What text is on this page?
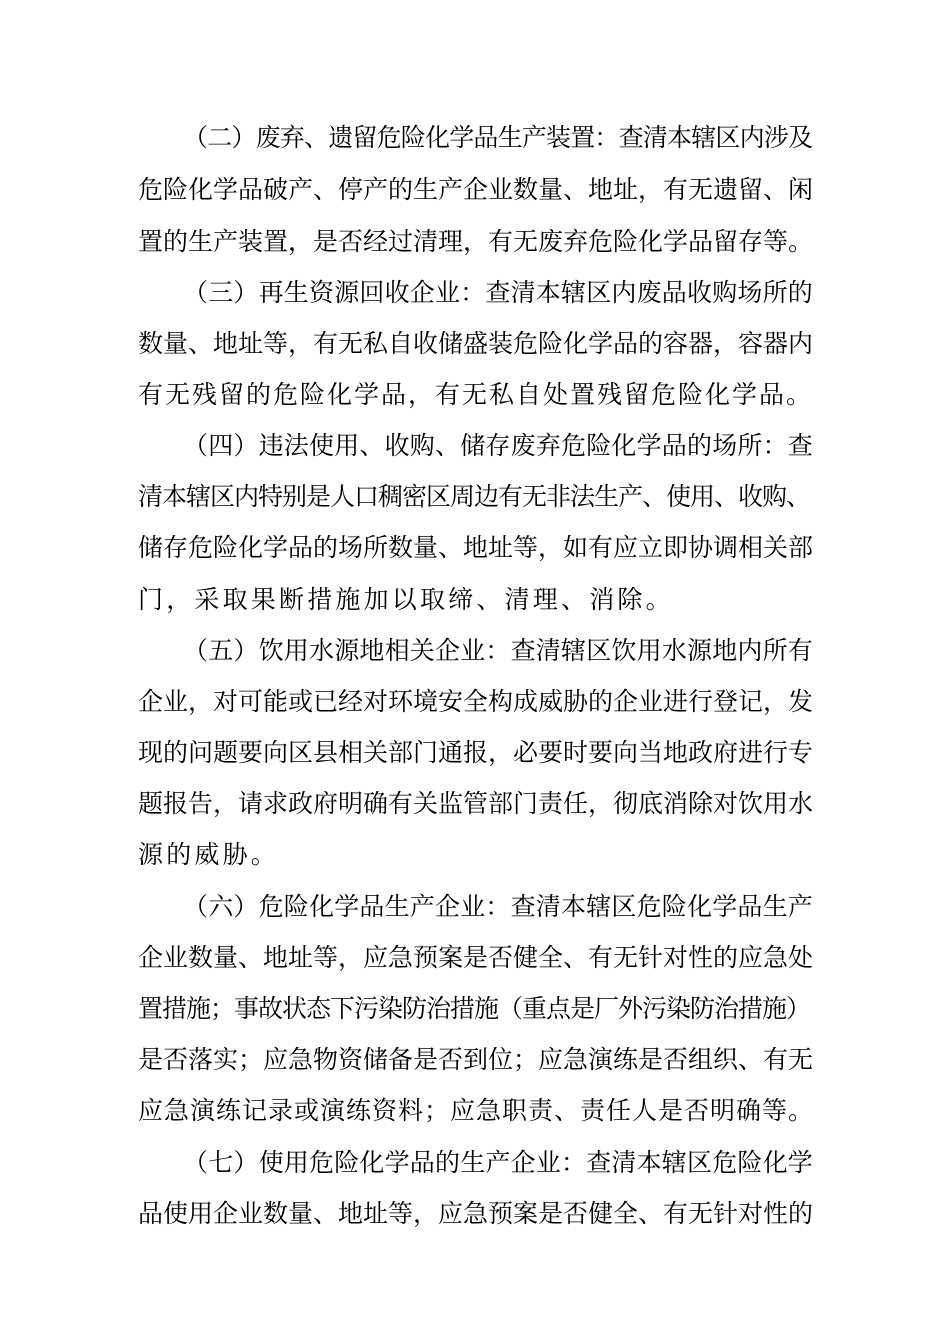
（二）废弃、遗留危险化学品生产装置：查清本辖区内涉及
危险化学品破产、停产的生产企业数量、地址，有无遗留、闲
置的生产装置，是否经过清理，有无废弃危险化学品留存等。
（三）再生资源回收企业：查清本辖区内废品收购场所的
数量、地址等，有无私自收储盛装危险化学品的容器，容器内
有无残留的危险化学品，有无私自处置残留危险化学品。
（四）违法使用、收购、储存废弃危险化学品的场所：查
清本辖区内特别是人口稠密区周边有无非法生产、使用、收购、
储存危险化学品的场所数量、地址等，如有应立即协调相关部
门，采取果断措施加以取缔、清理、消除。
（五）饮用水源地相关企业：查清辖区饮用水源地内所有
企业，对可能或已经对环境安全构成威胁的企业进行登记，发
现的问题要向区县相关部门通报，必要时要向当地政府进行专
题报告，请求政府明确有关监管部门责任，彻底消除对饮用水
源的威胁。
（六）危险化学品生产企业：查清本辖区危险化学品生产
企业数量、地址等，应急预案是否健全、有无针对性的应急处
置措施；事故状态下污染防治措施（重点是厂外污染防治措施）
是否落实；应急物资储备是否到位；应急演练是否组织、有无
应急演练记录或演练资料；应急职责、责任人是否明确等。
（七）使用危险化学品的生产企业：查清本辖区危险化学
品使用企业数量、地址等，应急预案是否健全、有无针对性的
